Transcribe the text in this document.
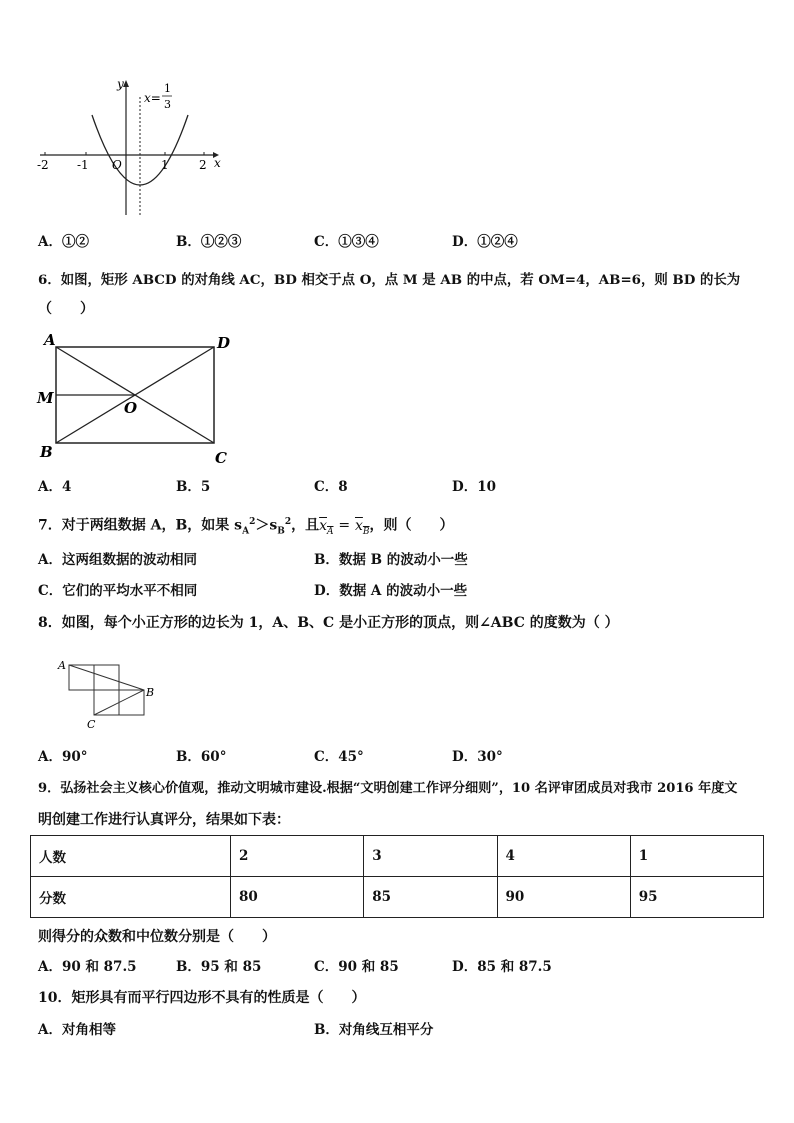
-2 -1 O	1	2 x
y
x=
1
3
A．①②	B．①②③	C．①③④	D．①②④
6．如图，矩形 ABCD 的对角线 AC，BD 相交于点 O，点 M 是 AB 的中点，若 OM=4，AB=6，则 BD 的长为
（　　）
A	D
M
O
B	C
A．4	B．5	C．8	D．10
7．对于两组数据 A，B，如果 $s_A^2>s_B^2$，且$x_A = x_B$，则（　　）
A．这两组数据的波动相同	B．数据 B 的波动小一些
C．它们的平均水平不相同	D．数据 A 的波动小一些
8．如图，每个小正方形的边长为 1，A、B、C 是小正方形的顶点，则∠ABC 的度数为（ ）
A
B
C
A．90°	B．60°	C．45°	D．30°
9．弘扬社会主义核心价值观，推动文明城市建设.根据“文明创建工作评分细则”，10 名评审团成员对我市 2016 年度文
明创建工作进行认真评分，结果如下表：
人数	2	3	4	1
分数	80	85	90	95
则得分的众数和中位数分别是（　　）
A．90 和 87.5	B．95 和 85	C．90 和 85	D．85 和 87.5
10．矩形具有而平行四边形不具有的性质是（　　）
A．对角相等	B．对角线互相平分
